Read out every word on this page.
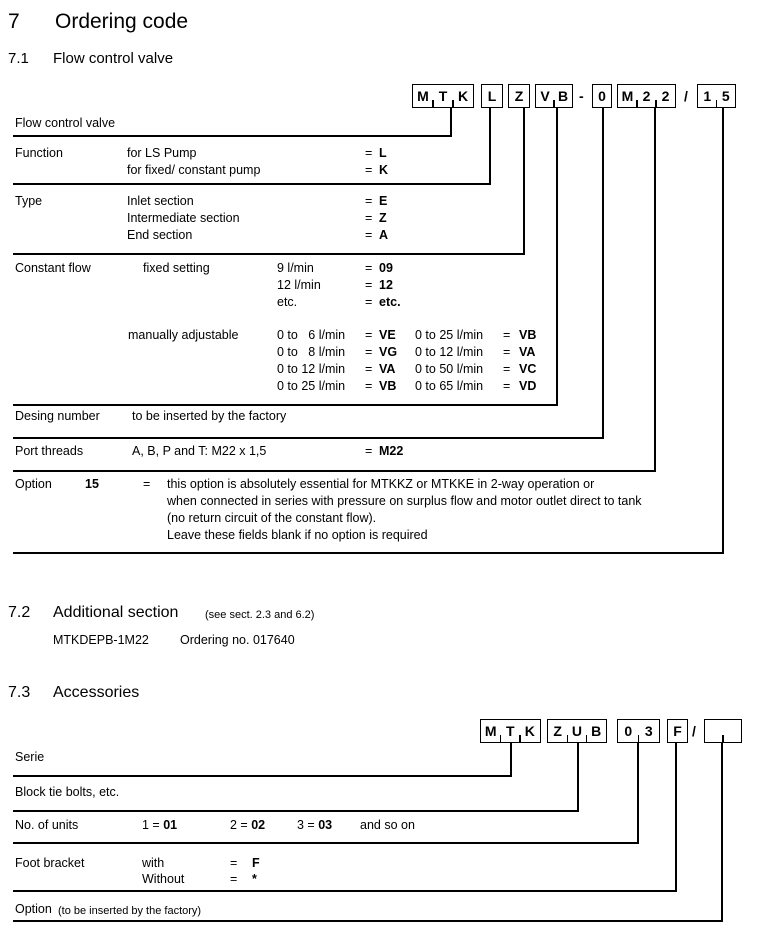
7 Ordering code
7.1 Flow control valve
M T K	L	Z	V B -	0	M 2 2	/	1 5
Flow control valve
Function	for LS Pump	= L
for fixed/ constant pump	= K
Type	Inlet section	= E
Intermediate section	= Z
End section	= A
Constant flow	fixed setting	9 l/min	= 09
12 l/min	= 12
etc.	= etc.
manually adjustable	0 to   6 l/min = VE 0 to 25 l/min = VB
0 to   8 l/min = VG 0 to 12 l/min = VA
0 to 12 l/min = VA 0 to 50 l/min = VC
0 to 25 l/min = VB 0 to 65 l/min = VD
Desing number	to be inserted by the factory
Port threads	A, B, P and T: M22 x 1,5	= M22
Option	15	= this option is absolutely essential for MTKKZ or MTKKE in 2-way operation or
when connected in series with pressure on surplus flow and motor outlet direct to tank
(no return circuit of the constant flow).
Leave these fields blank if no option is required
7.2 Additional section (see sect. 2.3 and 6.2)
MTKDEPB-1M22 Ordering no. 017640
7.3 Accessories
M T K	Z U B	0 3	F /
Serie
Block tie bolts, etc.
No. of units	1 = 01	2 = 02	3 = 03 and so on
Foot bracket	with	= F
Without	= *
Option (to be inserted by the factory)
